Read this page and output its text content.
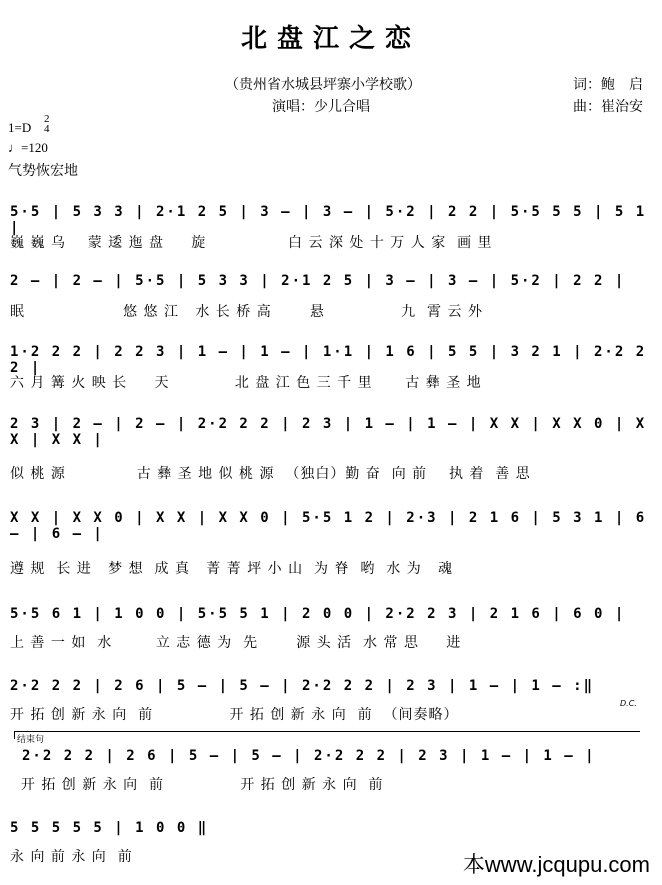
北盘江之恋
（贵州省水城县坪寨小学校歌）	词：鲍　启
演唱：少儿合唱	曲：崔治安
1=D
2
4
♩=120
气势恢宏地
5·5 | 5 3 3 | 2·1 2 5 | 3 – | 3 – | 5·2 | 2 2 | 5·5 5 5 | 5 1 |
巍 巍 乌    蒙 逶 迤 盘     旋               白 云 深 处 十 万 人 家  画 里
2 – | 2 – | 5·5 | 5 3 3 | 2·1 2 5 | 3 – | 3 – | 5·2 | 2 2 |
眠                  悠 悠 江   水 长 桥 高       悬              九  霄 云 外
1·2 2 2 | 2 2 3 | 1 – | 1 – | 1·1 | 1 6 | 5 5 | 3 2 1 | 2·2 2 2 |
六 月 篝 火 映 长     天            北 盘 江 色 三 千 里      古 彝 圣 地
2 3 | 2 – | 2 – | 2·2 2 2 | 2 3 | 1 – | 1 – | X X | X X 0 | X X | X X |
似 桃 源             古 彝 圣 地 似 桃 源  （独白）勤 奋  向 前    执 着  善 思
X X | X X 0 | X X | X X 0 | 5·5 1 2 | 2·3 | 2 1 6 | 5 3 1 | 6 – | 6 – |
遵 规  长 进   梦 想  成 真   菁 菁 坪 小 山  为 脊  哟  水 为   魂
5·5 6 1 | 1 0 0 | 5·5 5 1 | 2 0 0 | 2·2 2 3 | 2 1 6 | 6 0 |
上 善 一 如  水        立 志 德 为  先       源 头 活  水 常 思     进
2·2 2 2 | 2 6 | 5 – | 5 – | 2·2 2 2 | 2 3 | 1 – | 1 – :‖
D.C.
开 拓 创 新 永 向  前              开 拓 创 新 永 向  前  （间奏略）
结束句
2·2 2 2 | 2 6 | 5 – | 5 – | 2·2 2 2 | 2 3 | 1 – | 1 – |
开 拓 创 新 永 向  前              开 拓 创 新 永 向  前
5 5 5 5 5 | 1 0 0 ‖
永 向 前 永 向  前	本www.jcqupu.com
